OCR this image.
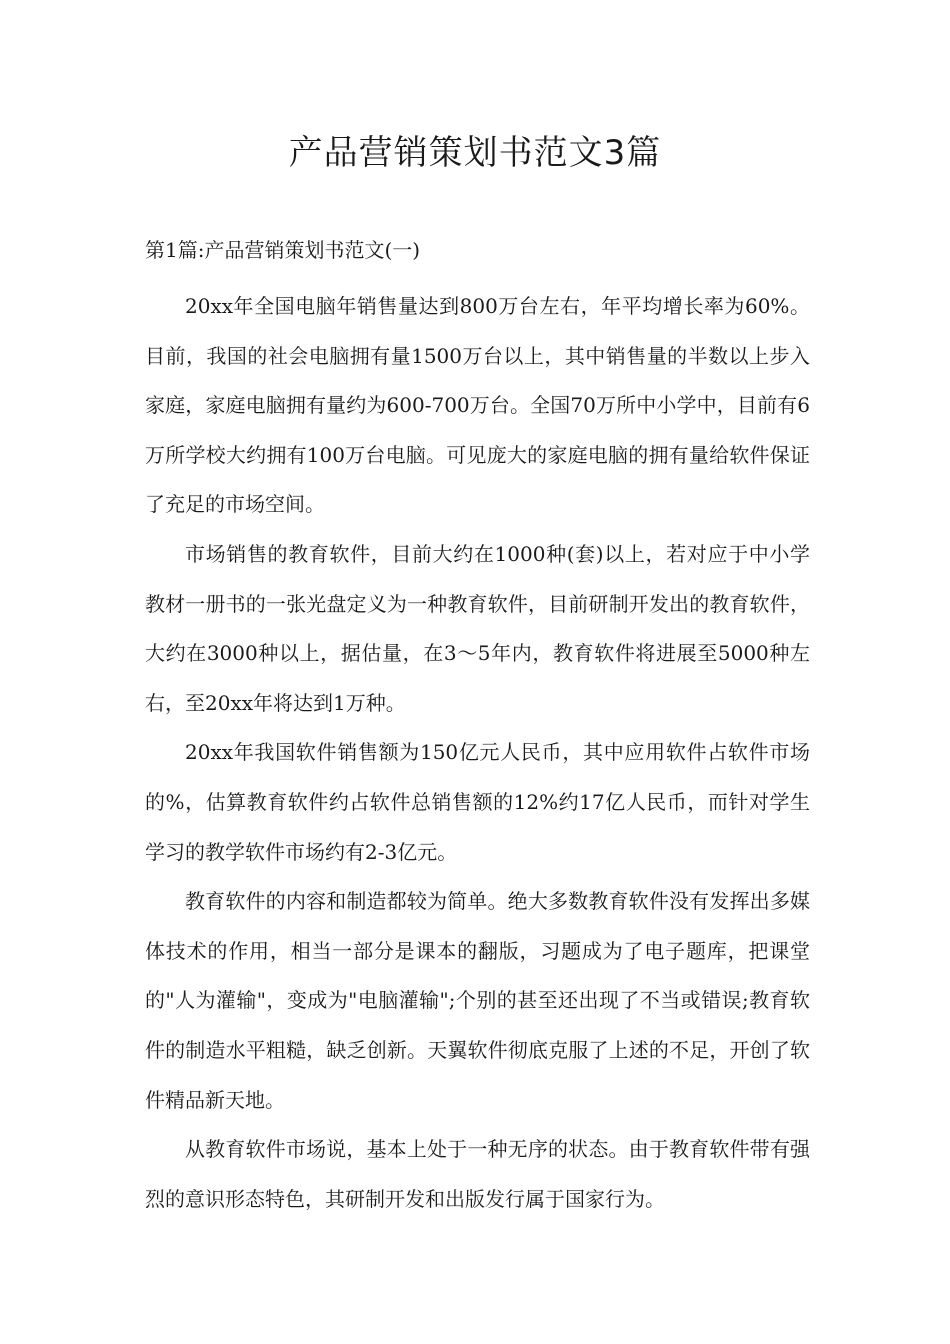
产品营销策划书范文3篇

第1篇:产品营销策划书范文(一)

20xx年全国电脑年销售量达到800万台左右，年平均增长率为60%。目前，我国的社会电脑拥有量1500万台以上，其中销售量的半数以上步入家庭，家庭电脑拥有量约为600-700万台。全国70万所中小学中，目前有6万所学校大约拥有100万台电脑。可见庞大的家庭电脑的拥有量给软件保证了充足的市场空间。

市场销售的教育软件，目前大约在1000种(套)以上，若对应于中小学教材一册书的一张光盘定义为一种教育软件，目前研制开发出的教育软件，大约在3000种以上，据估量，在3～5年内，教育软件将进展至5000种左右，至20xx年将达到1万种。

20xx年我国软件销售额为150亿元人民币，其中应用软件占软件市场的%，估算教育软件约占软件总销售额的12%约17亿人民币，而针对学生学习的教学软件市场约有2-3亿元。

教育软件的内容和制造都较为简单。绝大多数教育软件没有发挥出多媒体技术的作用，相当一部分是课本的翻版，习题成为了电子题库，把课堂的"人为灌输"，变成为"电脑灌输";个别的甚至还出现了不当或错误;教育软件的制造水平粗糙，缺乏创新。天翼软件彻底克服了上述的不足，开创了软件精品新天地。

从教育软件市场说，基本上处于一种无序的状态。由于教育软件带有强烈的意识形态特色，其研制开发和出版发行属于国家行为。
